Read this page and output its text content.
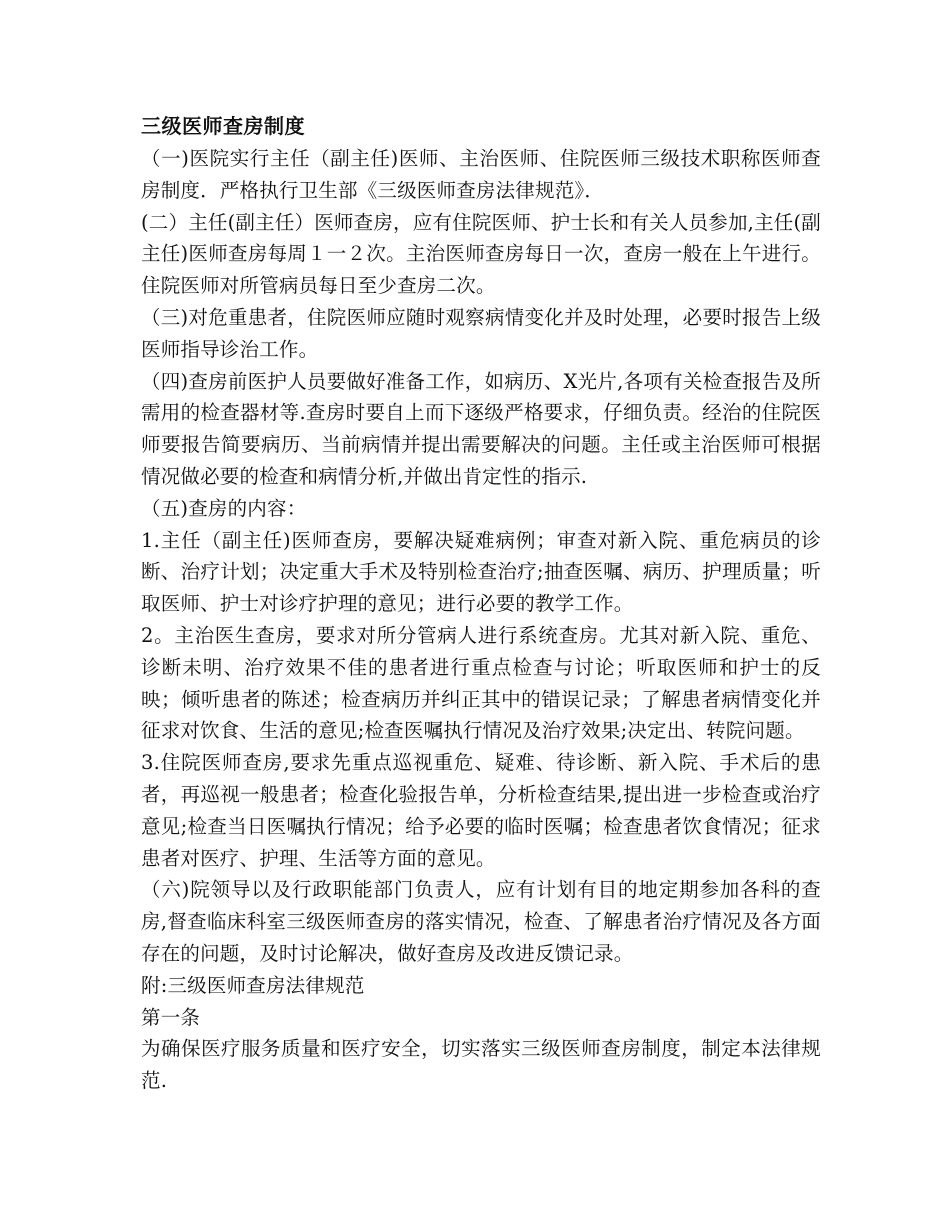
三级医师查房制度

（一)医院实行主任（副主任)医师、主治医师、住院医师三级技术职称医师查房制度．严格执行卫生部《三级医师查房法律规范》．

(二）主任(副主任）医师查房，应有住院医师、护士长和有关人员参加,主任(副主任)医师查房每周１一２次。主治医师查房每日一次，查房一般在上午进行。住院医师对所管病员每日至少查房二次。

（三)对危重患者，住院医师应随时观察病情变化并及时处理，必要时报告上级医师指导诊治工作。

（四)查房前医护人员要做好准备工作，如病历、X光片,各项有关检查报告及所需用的检查器材等.查房时要自上而下逐级严格要求，仔细负责。经治的住院医师要报告简要病历、当前病情并提出需要解决的问题。主任或主治医师可根据情况做必要的检查和病情分析,并做出肯定性的指示.

（五)查房的内容：

1.主任（副主任)医师查房，要解决疑难病例；审查对新入院、重危病员的诊断、治疗计划；决定重大手术及特别检查治疗;抽查医嘱、病历、护理质量；听取医师、护士对诊疗护理的意见；进行必要的教学工作。

2。主治医生查房，要求对所分管病人进行系统查房。尤其对新入院、重危、诊断未明、治疗效果不佳的患者进行重点检查与讨论；听取医师和护士的反映；倾听患者的陈述；检查病历并纠正其中的错误记录；了解患者病情变化并征求对饮食、生活的意见;检查医嘱执行情况及治疗效果;决定出、转院问题。

3.住院医师查房,要求先重点巡视重危、疑难、待诊断、新入院、手术后的患者，再巡视一般患者；检查化验报告单，分析检查结果,提出进一步检查或治疗意见;检查当日医嘱执行情况；给予必要的临时医嘱；检查患者饮食情况；征求患者对医疗、护理、生活等方面的意见。

（六)院领导以及行政职能部门负责人，应有计划有目的地定期参加各科的查房,督查临床科室三级医师查房的落实情况，检查、了解患者治疗情况及各方面存在的问题，及时讨论解决，做好查房及改进反馈记录。

附:三级医师查房法律规范

第一条

为确保医疗服务质量和医疗安全，切实落实三级医师查房制度，制定本法律规范.
